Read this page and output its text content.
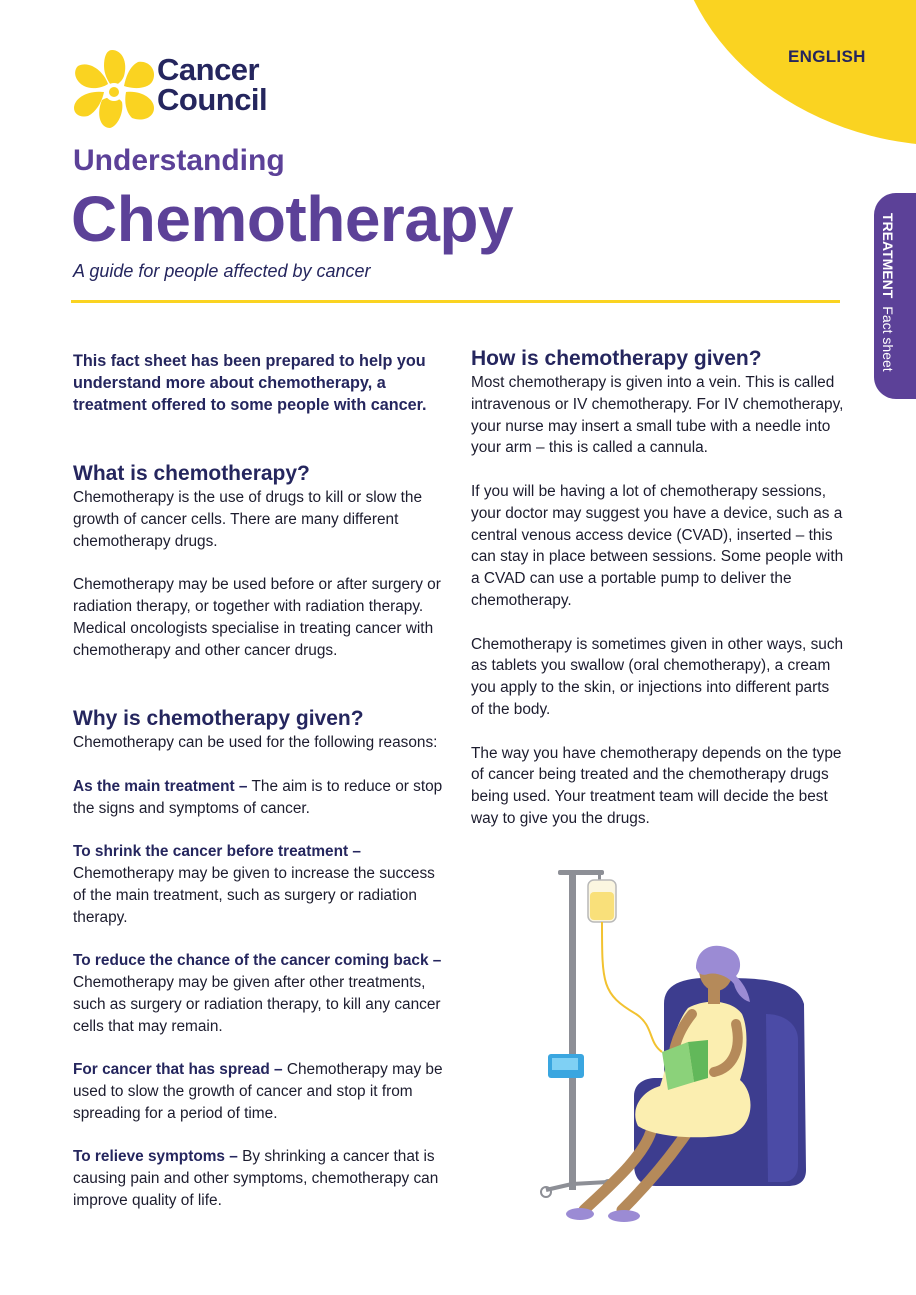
ENGLISH
TREATMENTFact sheet
Cancer
Council
Understanding
Chemotherapy
A guide for people affected by cancer

This fact sheet has been prepared to help you understand more about chemotherapy, a treatment offered to some people with cancer.

What is chemotherapy?

Chemotherapy is the use of drugs to kill or slow the growth of cancer cells. There are many different chemotherapy drugs.

Chemotherapy may be used before or after surgery or radiation therapy, or together with radiation therapy. Medical oncologists specialise in treating cancer with chemotherapy and other cancer drugs.

Why is chemotherapy given?

Chemotherapy can be used for the following reasons:

As the main treatment – The aim is to reduce or stop the signs and symptoms of cancer.

To shrink the cancer before treatment – Chemotherapy may be given to increase the success of the main treatment, such as surgery or radiation therapy.

To reduce the chance of the cancer coming back – Chemotherapy may be given after other treatments, such as surgery or radiation therapy, to kill any cancer cells that may remain.

For cancer that has spread – Chemotherapy may be used to slow the growth of cancer and stop it from spreading for a period of time.

To relieve symptoms – By shrinking a cancer that is causing pain and other symptoms, chemotherapy can improve quality of life.

How is chemotherapy given?

Most chemotherapy is given into a vein. This is called intravenous or IV chemotherapy. For IV chemotherapy, your nurse may insert a small tube with a needle into your arm – this is called a cannula.

If you will be having a lot of chemotherapy sessions, your doctor may suggest you have a device, such as a central venous access device (CVAD), inserted – this can stay in place between sessions. Some people with a CVAD can use a portable pump to deliver the chemotherapy.

Chemotherapy is sometimes given in other ways, such as tablets you swallow (oral chemotherapy), a cream you apply to the skin, or injections into different parts of the body.

The way you have chemotherapy depends on the type of cancer being treated and the chemotherapy drugs being used. Your treatment team will decide the best way to give you the drugs.
